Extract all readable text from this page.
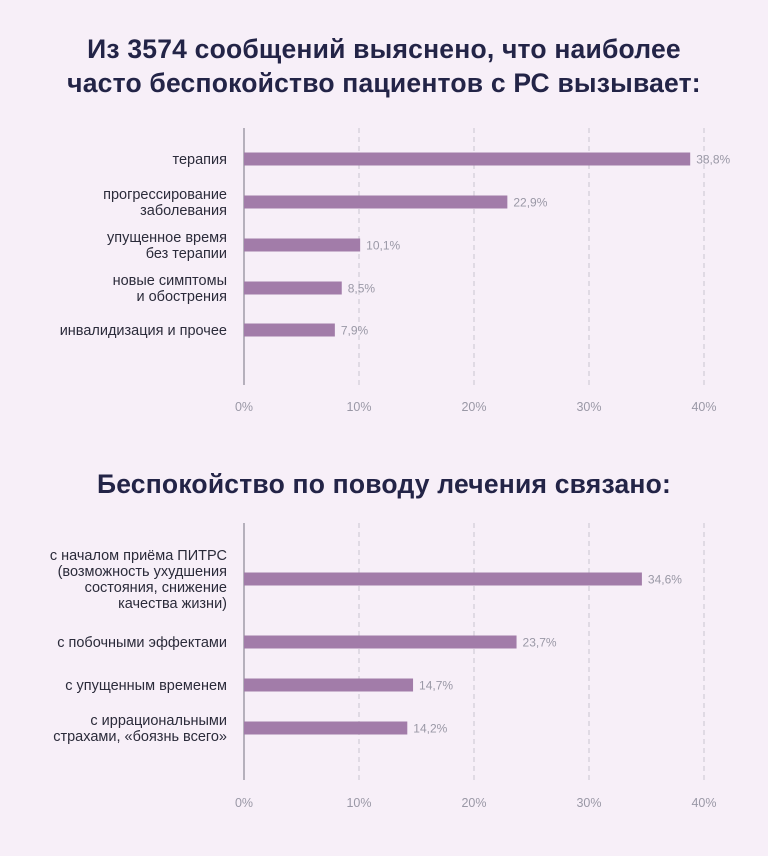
Из 3574 сообщений выяснено, что наиболее
часто беспокойство пациентов с РС вызывает:
Беспокойство по поводу лечения связано:
0%	10%	20%	30%	40%
38,8%
терапия
22,9%
прогрессирование заболевания
10,1%
упущенное время без терапии
8,5%
новые симптомы и обострения
7,9%
инвалидизация и прочее
0%	10%	20%	30%	40%
34,6%
с началом приёма ПИТРС (возможность ухудшения состояния, снижение качества жизни)
23,7%
с побочными эффектами
14,7%
с упущенным временем
14,2%
с иррациональными страхами, «боязнь всего»
